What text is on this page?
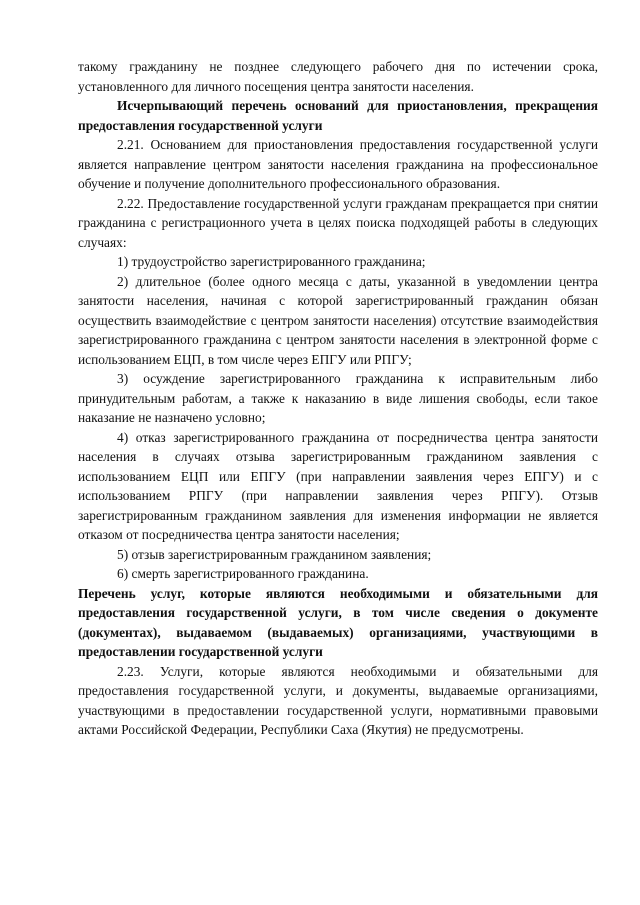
такому гражданину не позднее следующего рабочего дня по истечении срока, установленного для личного посещения центра занятости населения.

Исчерпывающий перечень оснований для приостановления, прекращения предоставления государственной услуги

2.21. Основанием для приостановления предоставления государственной услуги является направление центром занятости населения гражданина на профессиональное обучение и получение дополнительного профессионального образования.

2.22. Предоставление государственной услуги гражданам прекращается при снятии гражданина с регистрационного учета в целях поиска подходящей работы в следующих случаях:

1) трудоустройство зарегистрированного гражданина;

2) длительное (более одного месяца с даты, указанной в уведомлении центра занятости населения, начиная с которой зарегистрированный гражданин обязан осуществить взаимодействие с центром занятости населения) отсутствие взаимодействия зарегистрированного гражданина с центром занятости населения в электронной форме с использованием ЕЦП, в том числе через ЕПГУ или РПГУ;

3) осуждение зарегистрированного гражданина к исправительным либо принудительным работам, а также к наказанию в виде лишения свободы, если такое наказание не назначено условно;

4) отказ зарегистрированного гражданина от посредничества центра занятости населения в случаях отзыва зарегистрированным гражданином заявления с использованием ЕЦП или ЕПГУ (при направлении заявления через ЕПГУ) и с использованием РПГУ (при направлении заявления через РПГУ). Отзыв зарегистрированным гражданином заявления для изменения информации не является отказом от посредничества центра занятости населения;

5) отзыв зарегистрированным гражданином заявления;

6) смерть зарегистрированного гражданина.

Перечень услуг, которые являются необходимыми и обязательными для предоставления государственной услуги, в том числе сведения о документе (документах), выдаваемом (выдаваемых) организациями, участвующими в предоставлении государственной услуги

2.23. Услуги, которые являются необходимыми и обязательными для предоставления государственной услуги, и документы, выдаваемые организациями, участвующими в предоставлении государственной услуги, нормативными правовыми актами Российской Федерации, Республики Саха (Якутия) не предусмотрены.
